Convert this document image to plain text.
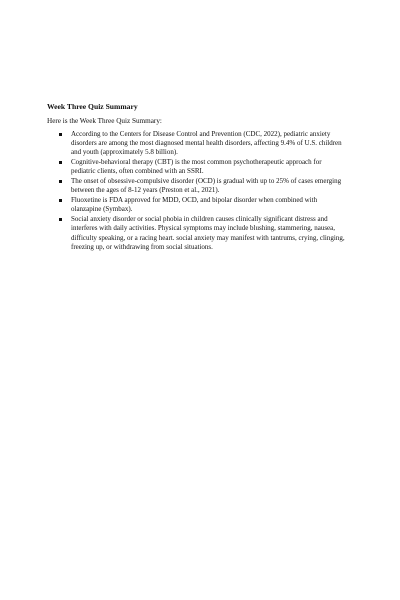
Week Three Quiz Summary
Here is the Week Three Quiz Summary:
According to the Centers for Disease Control and Prevention (CDC, 2022), pediatric anxiety disorders are among the most diagnosed mental health disorders, affecting 9.4% of U.S. children and youth (approximately 5.8 billion).
Cognitive-behavioral therapy (CBT) is the most common psychotherapeutic approach for pediatric clients, often combined with an SSRI.
The onset of obsessive-compulsive disorder (OCD) is gradual with up to 25% of cases emerging between the ages of 8-12 years (Preston et al., 2021).
Fluoxetine is FDA approved for MDD, OCD, and bipolar disorder when combined with olanzapine (Symbax).
Social anxiety disorder or social phobia in children causes clinically significant distress and interferes with daily activities. Physical symptoms may include blushing, stammering, nausea, difficulty speaking, or a racing heart. social anxiety may manifest with tantrums, crying, clinging, freezing up, or withdrawing from social situations.
